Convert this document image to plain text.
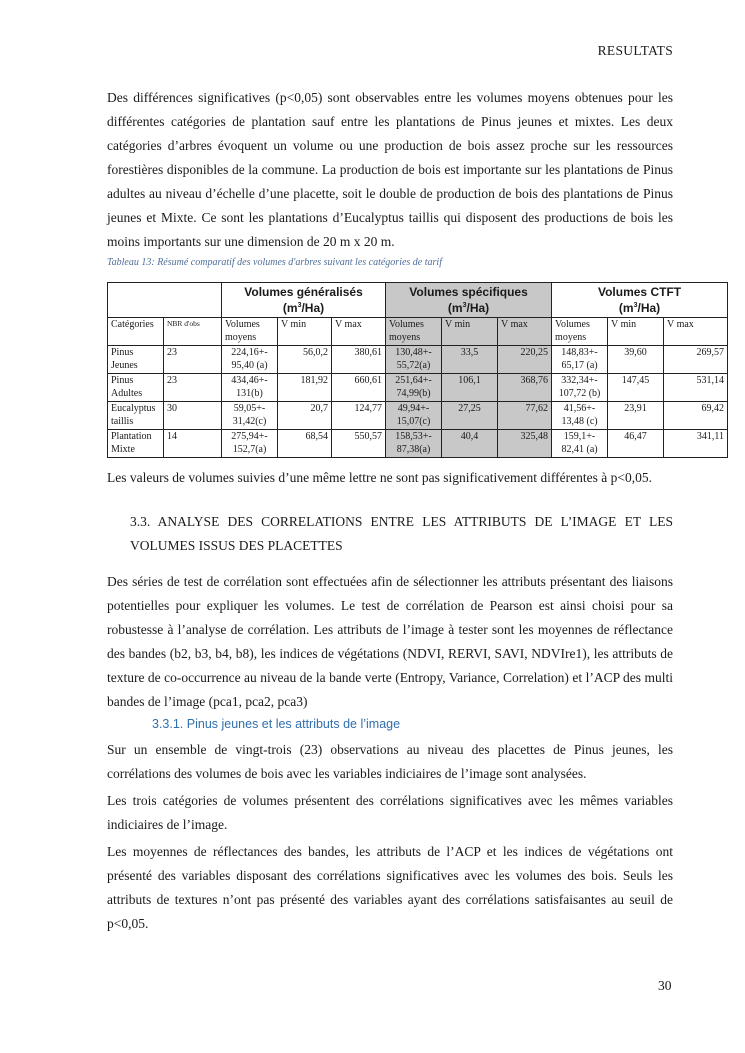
RESULTATS

Des différences significatives (p<0,05) sont observables entre les volumes moyens obtenues pour les différentes catégories de plantation sauf entre les plantations de Pinus jeunes et mixtes. Les deux catégories d’arbres évoquent un volume ou une production de bois assez proche sur les ressources forestières disponibles de la commune. La production de bois est importante sur les plantations de Pinus adultes au niveau d’échelle d’une placette, soit le double de production de bois des plantations de Pinus jeunes et Mixte. Ce sont les plantations d’Eucalyptus taillis qui disposent des productions de bois les moins importants sur une dimension de 20 m x 20 m.

Tableau 13: Résumé comparatif des volumes d'arbres suivant les catégories de tarif
		Volumes généralisés
$(m^3/Ha)$			Volumes spécifiques
$(m^3/Ha)$			Volumes CTFT
$(m^3/Ha)$		
Catégories	NBR d'obs	Volumes moyens	V min	V max	Volumes moyens	V min	V max	Volumes moyens	V min	V max
Pinus Jeunes	23	224,16+- 95,40 (a)	56,0,2	380,61	130,48+- 55,72(a)	33,5	220,25	148,83+- 65,17 (a)	39,60	269,57
Pinus Adultes	23	434,46+- 131(b)	181,92	660,61	251,64+- 74,99(b)	106,1	368,76	332,34+- 107,72 (b)	147,45	531,14
Eucalyptus taillis	30	59,05+- 31,42(c)	20,7	124,77	49,94+- 15,07(c)	27,25	77,62	41,56+- 13,48 (c)	23,91	69,42
Plantation Mixte	14	275,94+- 152,7(a)	68,54	550,57	158,53+- 87,38(a)	40,4	325,48	159,1+- 82,41 (a)	46,47	341,11
Les valeurs de volumes suivies d’une même lettre ne sont pas significativement différentes à p<0,05.

3.3. ANALYSE DES CORRELATIONS ENTRE LES ATTRIBUTS DE L’IMAGE ET LES VOLUMES ISSUS DES PLACETTES

Des séries de test de corrélation sont effectuées afin de sélectionner les attributs présentant des liaisons potentielles pour expliquer les volumes. Le test de corrélation de Pearson est ainsi choisi pour sa robustesse à l’analyse de corrélation. Les attributs de l’image à tester sont les moyennes de réflectance des bandes (b2, b3, b4, b8), les indices de végétations (NDVI, RERVI, SAVI, NDVIre1), les attributs de texture de co-occurrence au niveau de la bande verte (Entropy, Variance, Correlation) et l’ACP des multi bandes de l’image (pca1, pca2, pca3)

3.3.1. Pinus jeunes et les attributs de l’image

Sur un ensemble de vingt-trois (23) observations au niveau des placettes de Pinus jeunes, les corrélations des volumes de bois avec les variables indiciaires de l’image sont analysées.

Les trois catégories de volumes présentent des corrélations significatives avec les mêmes variables indiciaires de l’image.

Les moyennes de réflectances des bandes, les attributs de l’ACP et les indices de végétations ont présenté des variables disposant des corrélations significatives avec les volumes des bois. Seuls les attributs de textures n’ont pas présenté des variables ayant des corrélations satisfaisantes au seuil de p<0,05.

30
